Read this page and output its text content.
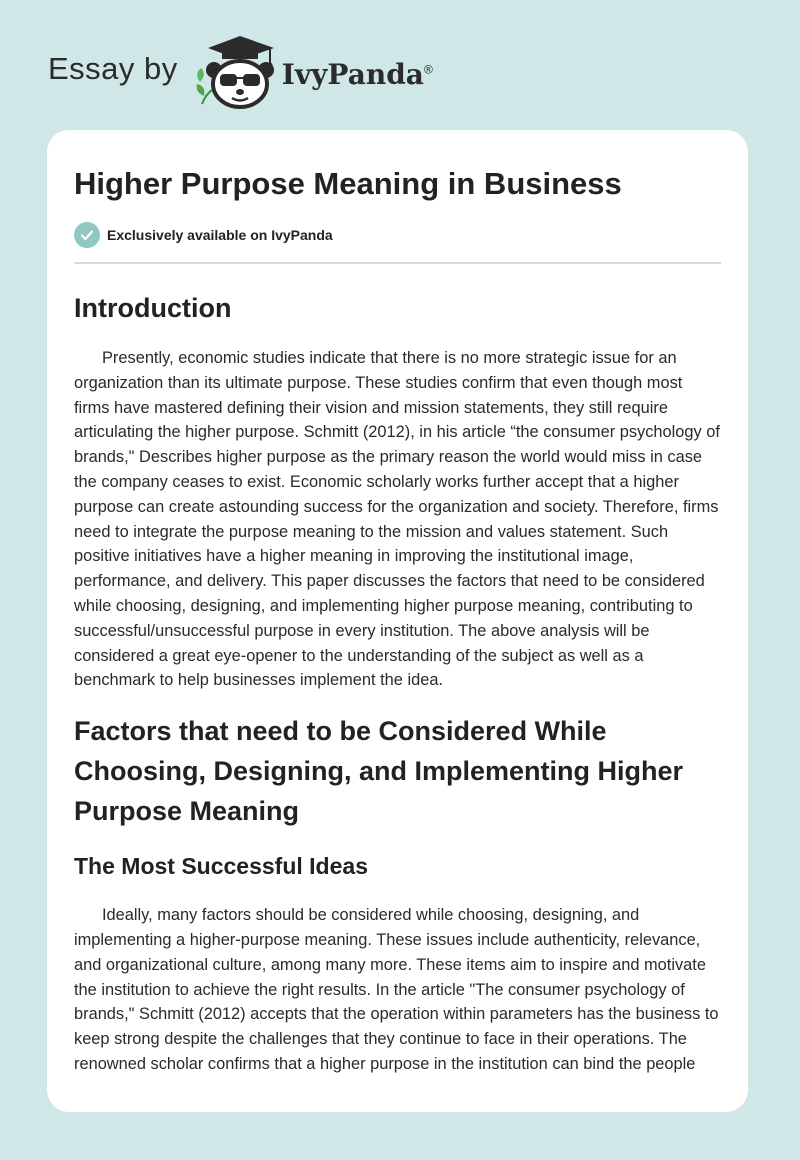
Essay by	IvyPanda®
Higher Purpose Meaning in Business
Exclusively available on IvyPanda
Introduction

Presently, economic studies indicate that there is no more strategic issue for an organization than its ultimate purpose. These studies confirm that even though most firms have mastered defining their vision and mission statements, they still require articulating the higher purpose. Schmitt (2012), in his article “the consumer psychology of brands," Describes higher purpose as the primary reason the world would miss in case the company ceases to exist. Economic scholarly works further accept that a higher purpose can create astounding success for the organization and society. Therefore, firms need to integrate the purpose meaning to the mission and values statement. Such positive initiatives have a higher meaning in improving the institutional image, performance, and delivery. This paper discusses the factors that need to be considered while choosing, designing, and implementing higher purpose meaning, contributing to successful/unsuccessful purpose in every institution. The above analysis will be considered a great eye-opener to the understanding of the subject as well as a benchmark to help businesses implement the idea.

Factors that need to be Considered While Choosing, Designing, and Implementing Higher Purpose Meaning
The Most Successful Ideas

Ideally, many factors should be considered while choosing, designing, and implementing a higher-purpose meaning. These issues include authenticity, relevance, and organizational culture, among many more. These items aim to inspire and motivate the institution to achieve the right results. In the article "The consumer psychology of brands," Schmitt (2012) accepts that the operation within parameters has the business to keep strong despite the challenges that they continue to face in their operations. The renowned scholar confirms that a higher purpose in the institution can bind the people
